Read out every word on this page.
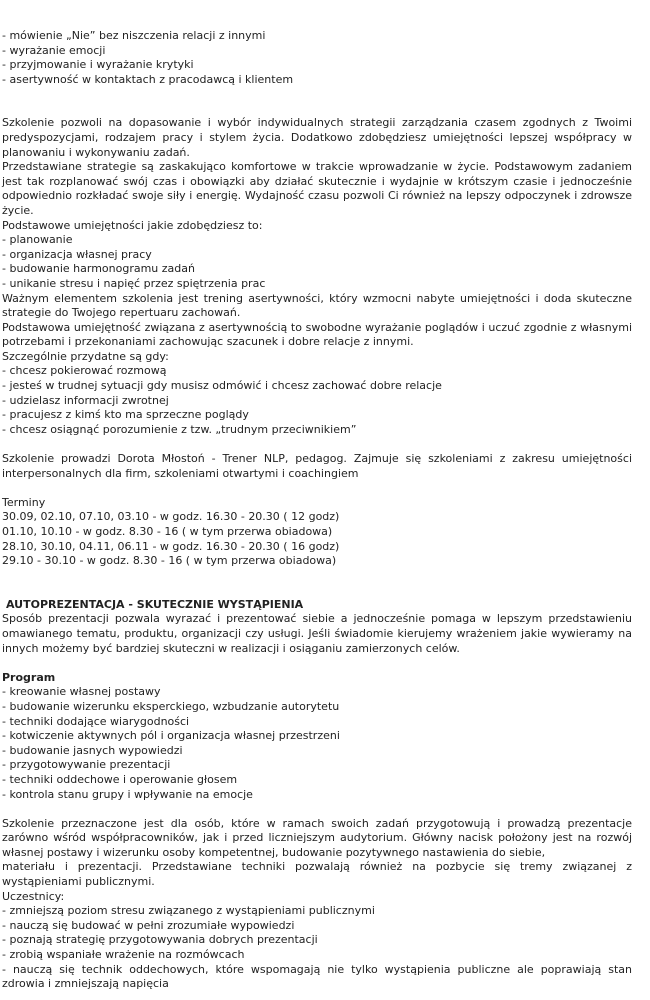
- mówienie „Nie” bez niszczenia relacji z innymi
- wyrażanie emocji
- przyjmowanie i wyrażanie krytyki
- asertywność w kontaktach z pracodawcą i klientem
Szkolenie pozwoli na dopasowanie i wybór indywidualnych strategii zarządzania czasem zgodnych z Twoimi predyspozycjami, rodzajem pracy i stylem życia. Dodatkowo zdobędziesz umiejętności lepszej współpracy w planowaniu i wykonywaniu zadań.
Przedstawiane strategie są zaskakująco komfortowe w trakcie wprowadzanie w życie. Podstawowym zadaniem jest tak rozplanować swój czas i obowiązki aby działać skutecznie i wydajnie w krótszym czasie i jednocześnie odpowiednio rozkładać swoje siły i energię. Wydajność czasu pozwoli Ci również na lepszy odpoczynek i zdrowsze życie.
Podstawowe umiejętności jakie zdobędziesz to:
- planowanie
- organizacja własnej pracy
- budowanie harmonogramu zadań
- unikanie stresu i napięć przez spiętrzenia prac
Ważnym elementem szkolenia jest trening asertywności, który wzmocni nabyte umiejętności i doda skuteczne strategie do Twojego repertuaru zachowań.
Podstawowa umiejętność związana z asertywnością to swobodne wyrażanie poglądów i uczuć zgodnie z własnymi potrzebami i przekonaniami zachowując szacunek i dobre relacje z innymi.
Szczególnie przydatne są gdy:
- chcesz pokierować rozmową
- jesteś w trudnej sytuacji gdy musisz odmówić i chcesz zachować dobre relacje
- udzielasz informacji zwrotnej
- pracujesz z kimś kto ma sprzeczne poglądy
- chcesz osiągnąć porozumienie z tzw. „trudnym przeciwnikiem”
Szkolenie prowadzi Dorota Młostoń - Trener NLP, pedagog. Zajmuje się szkoleniami z zakresu umiejętności interpersonalnych dla firm, szkoleniami otwartymi i coachingiem
Terminy
30.09, 02.10, 07.10, 03.10 - w godz. 16.30 - 20.30 ( 12 godz)
01.10, 10.10 - w godz. 8.30 - 16 ( w tym przerwa obiadowa)
28.10, 30.10, 04.11, 06.11 - w godz. 16.30 - 20.30 ( 16 godz)
29.10 - 30.10 - w godz. 8.30 - 16 ( w tym przerwa obiadowa)
AUTOPREZENTACJA - SKUTECZNIE WYSTĄPIENIA
Sposób prezentacji pozwala wyrazać i prezentować siebie a jednocześnie pomaga w lepszym przedstawieniu omawianego tematu, produktu, organizacji czy usługi. Jeśli świadomie kierujemy wrażeniem jakie wywieramy na innych możemy być bardziej skuteczni w realizacji i osiąganiu zamierzonych celów.
Program
- kreowanie własnej postawy
- budowanie wizerunku eksperckiego, wzbudzanie autorytetu
- techniki dodające wiarygodności
- kotwiczenie aktywnych pól i organizacja własnej przestrzeni
- budowanie jasnych wypowiedzi
- przygotowywanie prezentacji
- techniki oddechowe i operowanie głosem
- kontrola stanu grupy i wpływanie na emocje
Szkolenie przeznaczone jest dla osób, które w ramach swoich zadań przygotowują i prowadzą prezentacje zarówno wśród współpracowników, jak i przed liczniejszym audytorium. Główny nacisk położony jest na rozwój własnej postawy i wizerunku osoby kompetentnej, budowanie pozytywnego nastawienia do siebie,
materiału i prezentacji. Przedstawiane techniki pozwalają również na pozbycie się tremy związanej z wystąpieniami publicznymi.
Uczestnicy:
- zmniejszą poziom stresu związanego z wystąpieniami publicznymi
- nauczą się budować w pełni zrozumiałe wypowiedzi
- poznają strategię przygotowywania dobrych prezentacji
- zrobią wspaniałe wrażenie na rozmówcach
- nauczą się technik oddechowych, które wspomagają nie tylko wystąpienia publiczne ale poprawiają stan zdrowia i zmniejszają napięcia
